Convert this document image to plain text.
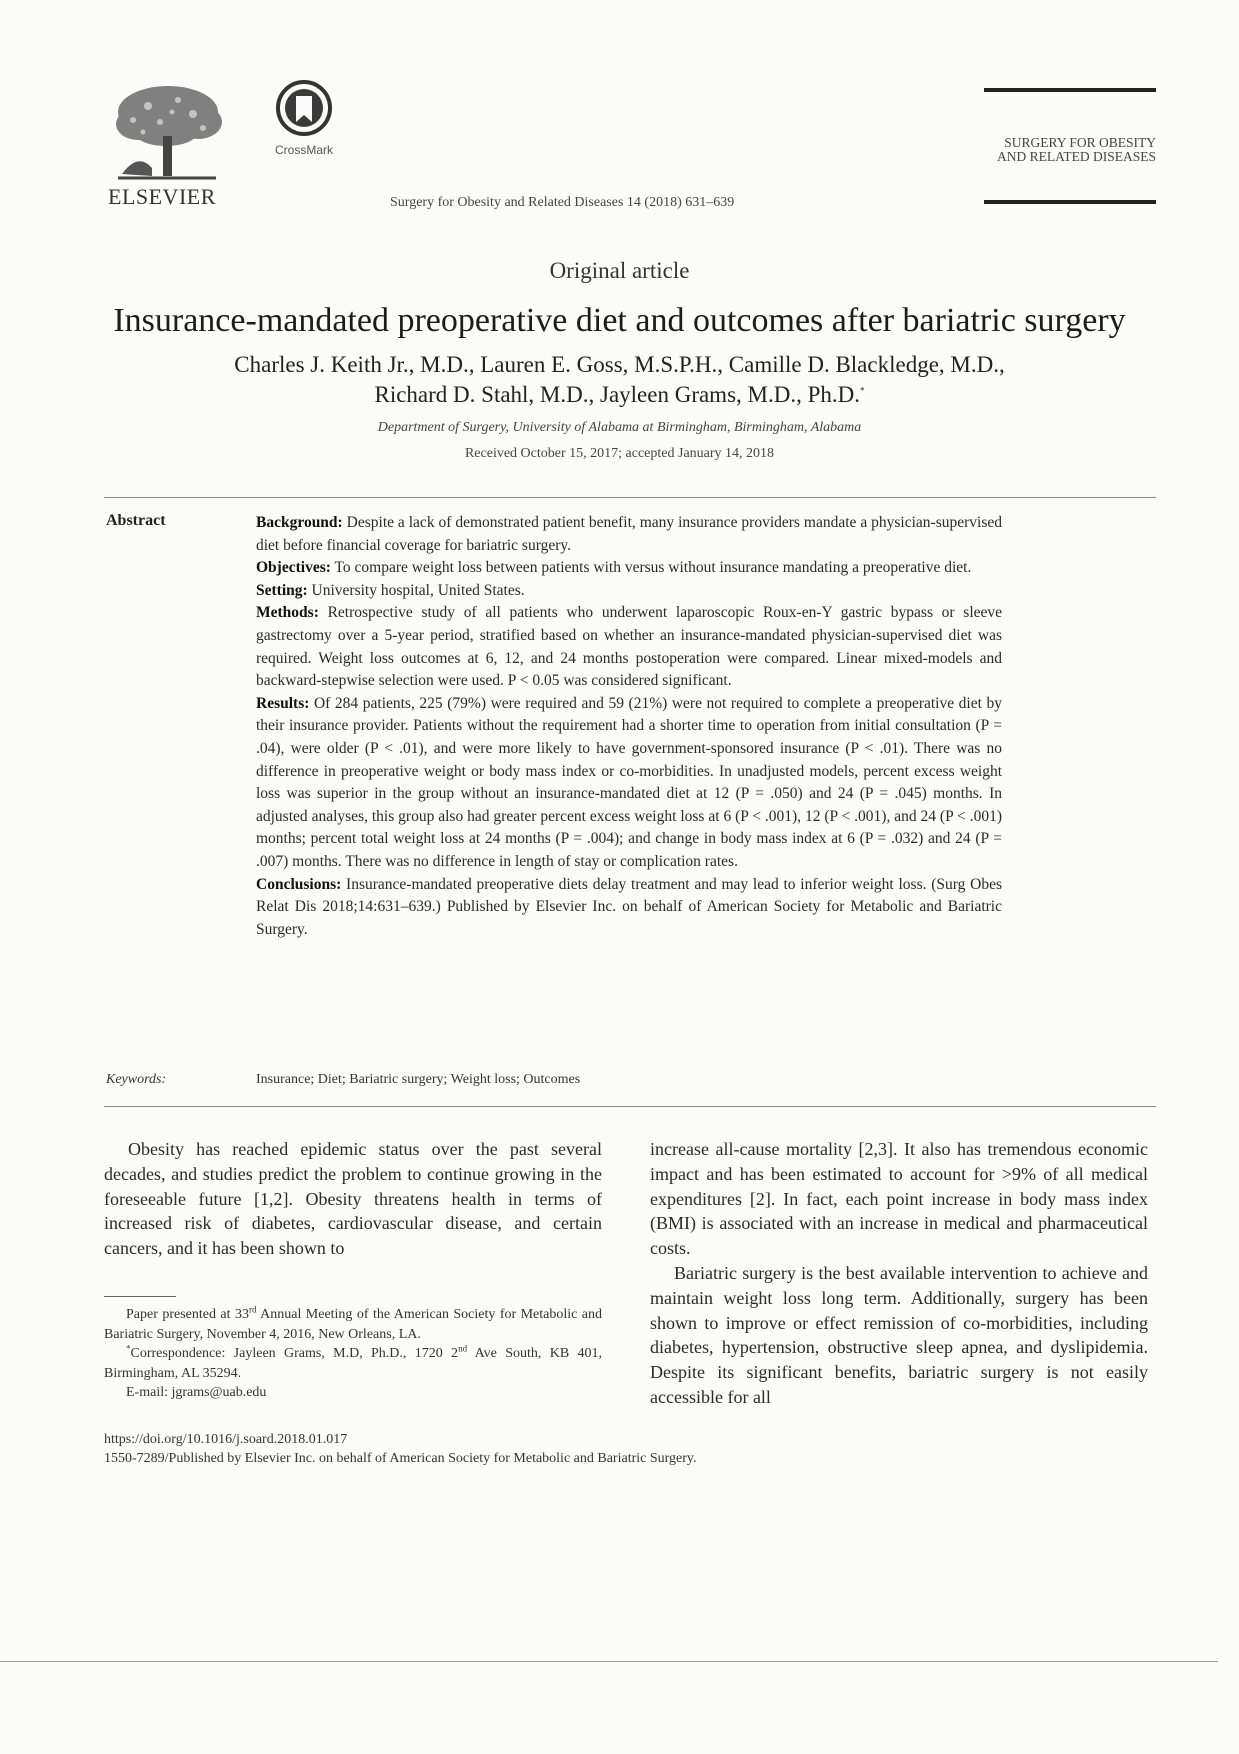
ELSEVIER
CrossMark
Surgery for Obesity and Related Diseases 14 (2018) 631–639
SURGERY FOR OBESITY
AND RELATED DISEASES
Original article
Insurance-mandated preoperative diet and outcomes after bariatric surgery
Charles J. Keith Jr., M.D., Lauren E. Goss, M.S.P.H., Camille D. Blackledge, M.D.,
Richard D. Stahl, M.D., Jayleen Grams, M.D., Ph.D.*
Department of Surgery, University of Alabama at Birmingham, Birmingham, Alabama
Received October 15, 2017; accepted January 14, 2018
Abstract	Background: Despite a lack of demonstrated patient benefit, many insurance providers mandate a physician-supervised diet before financial coverage for bariatric surgery.

Objectives: To compare weight loss between patients with versus without insurance mandating a preoperative diet.

Setting: University hospital, United States.

Methods: Retrospective study of all patients who underwent laparoscopic Roux-en-Y gastric bypass or sleeve gastrectomy over a 5-year period, stratified based on whether an insurance-mandated physician-supervised diet was required. Weight loss outcomes at 6, 12, and 24 months postoperation were compared. Linear mixed-models and backward-stepwise selection were used. P < 0.05 was considered significant.

Results: Of 284 patients, 225 (79%) were required and 59 (21%) were not required to complete a preoperative diet by their insurance provider. Patients without the requirement had a shorter time to operation from initial consultation (P = .04), were older (P < .01), and were more likely to have government-sponsored insurance (P < .01). There was no difference in preoperative weight or body mass index or co-morbidities. In unadjusted models, percent excess weight loss was superior in the group without an insurance-mandated diet at 12 (P = .050) and 24 (P = .045) months. In adjusted analyses, this group also had greater percent excess weight loss at 6 (P < .001), 12 (P < .001), and 24 (P < .001) months; percent total weight loss at 24 months (P = .004); and change in body mass index at 6 (P = .032) and 24 (P = .007) months. There was no difference in length of stay or complication rates.

Conclusions: Insurance-mandated preoperative diets delay treatment and may lead to inferior weight loss. (Surg Obes Relat Dis 2018;14:631–639.) Published by Elsevier Inc. on behalf of American Society for Metabolic and Bariatric Surgery.

Keywords:	Insurance; Diet; Bariatric surgery; Weight loss; Outcomes

Obesity has reached epidemic status over the past several decades, and studies predict the problem to continue growing in the foreseeable future [1,2]. Obesity threatens health in terms of increased risk of diabetes, cardiovascular disease, and certain cancers, and it has been shown to

increase all-cause mortality [2,3]. It also has tremendous economic impact and has been estimated to account for >9% of all medical expenditures [2]. In fact, each point increase in body mass index (BMI) is associated with an increase in medical and pharmaceutical costs.

Bariatric surgery is the best available intervention to achieve and maintain weight loss long term. Additionally, surgery has been shown to improve or effect remission of co-morbidities, including diabetes, hypertension, obstructive sleep apnea, and dyslipidemia. Despite its significant benefits, bariatric surgery is not easily accessible for all

Paper presented at 33rd Annual Meeting of the American Society for Metabolic and Bariatric Surgery, November 4, 2016, New Orleans, LA.

*Correspondence: Jayleen Grams, M.D, Ph.D., 1720 2nd Ave South, KB 401, Birmingham, AL 35294.

E-mail: jgrams@uab.edu

https://doi.org/10.1016/j.soard.2018.01.017
1550-7289/Published by Elsevier Inc. on behalf of American Society for Metabolic and Bariatric Surgery.
